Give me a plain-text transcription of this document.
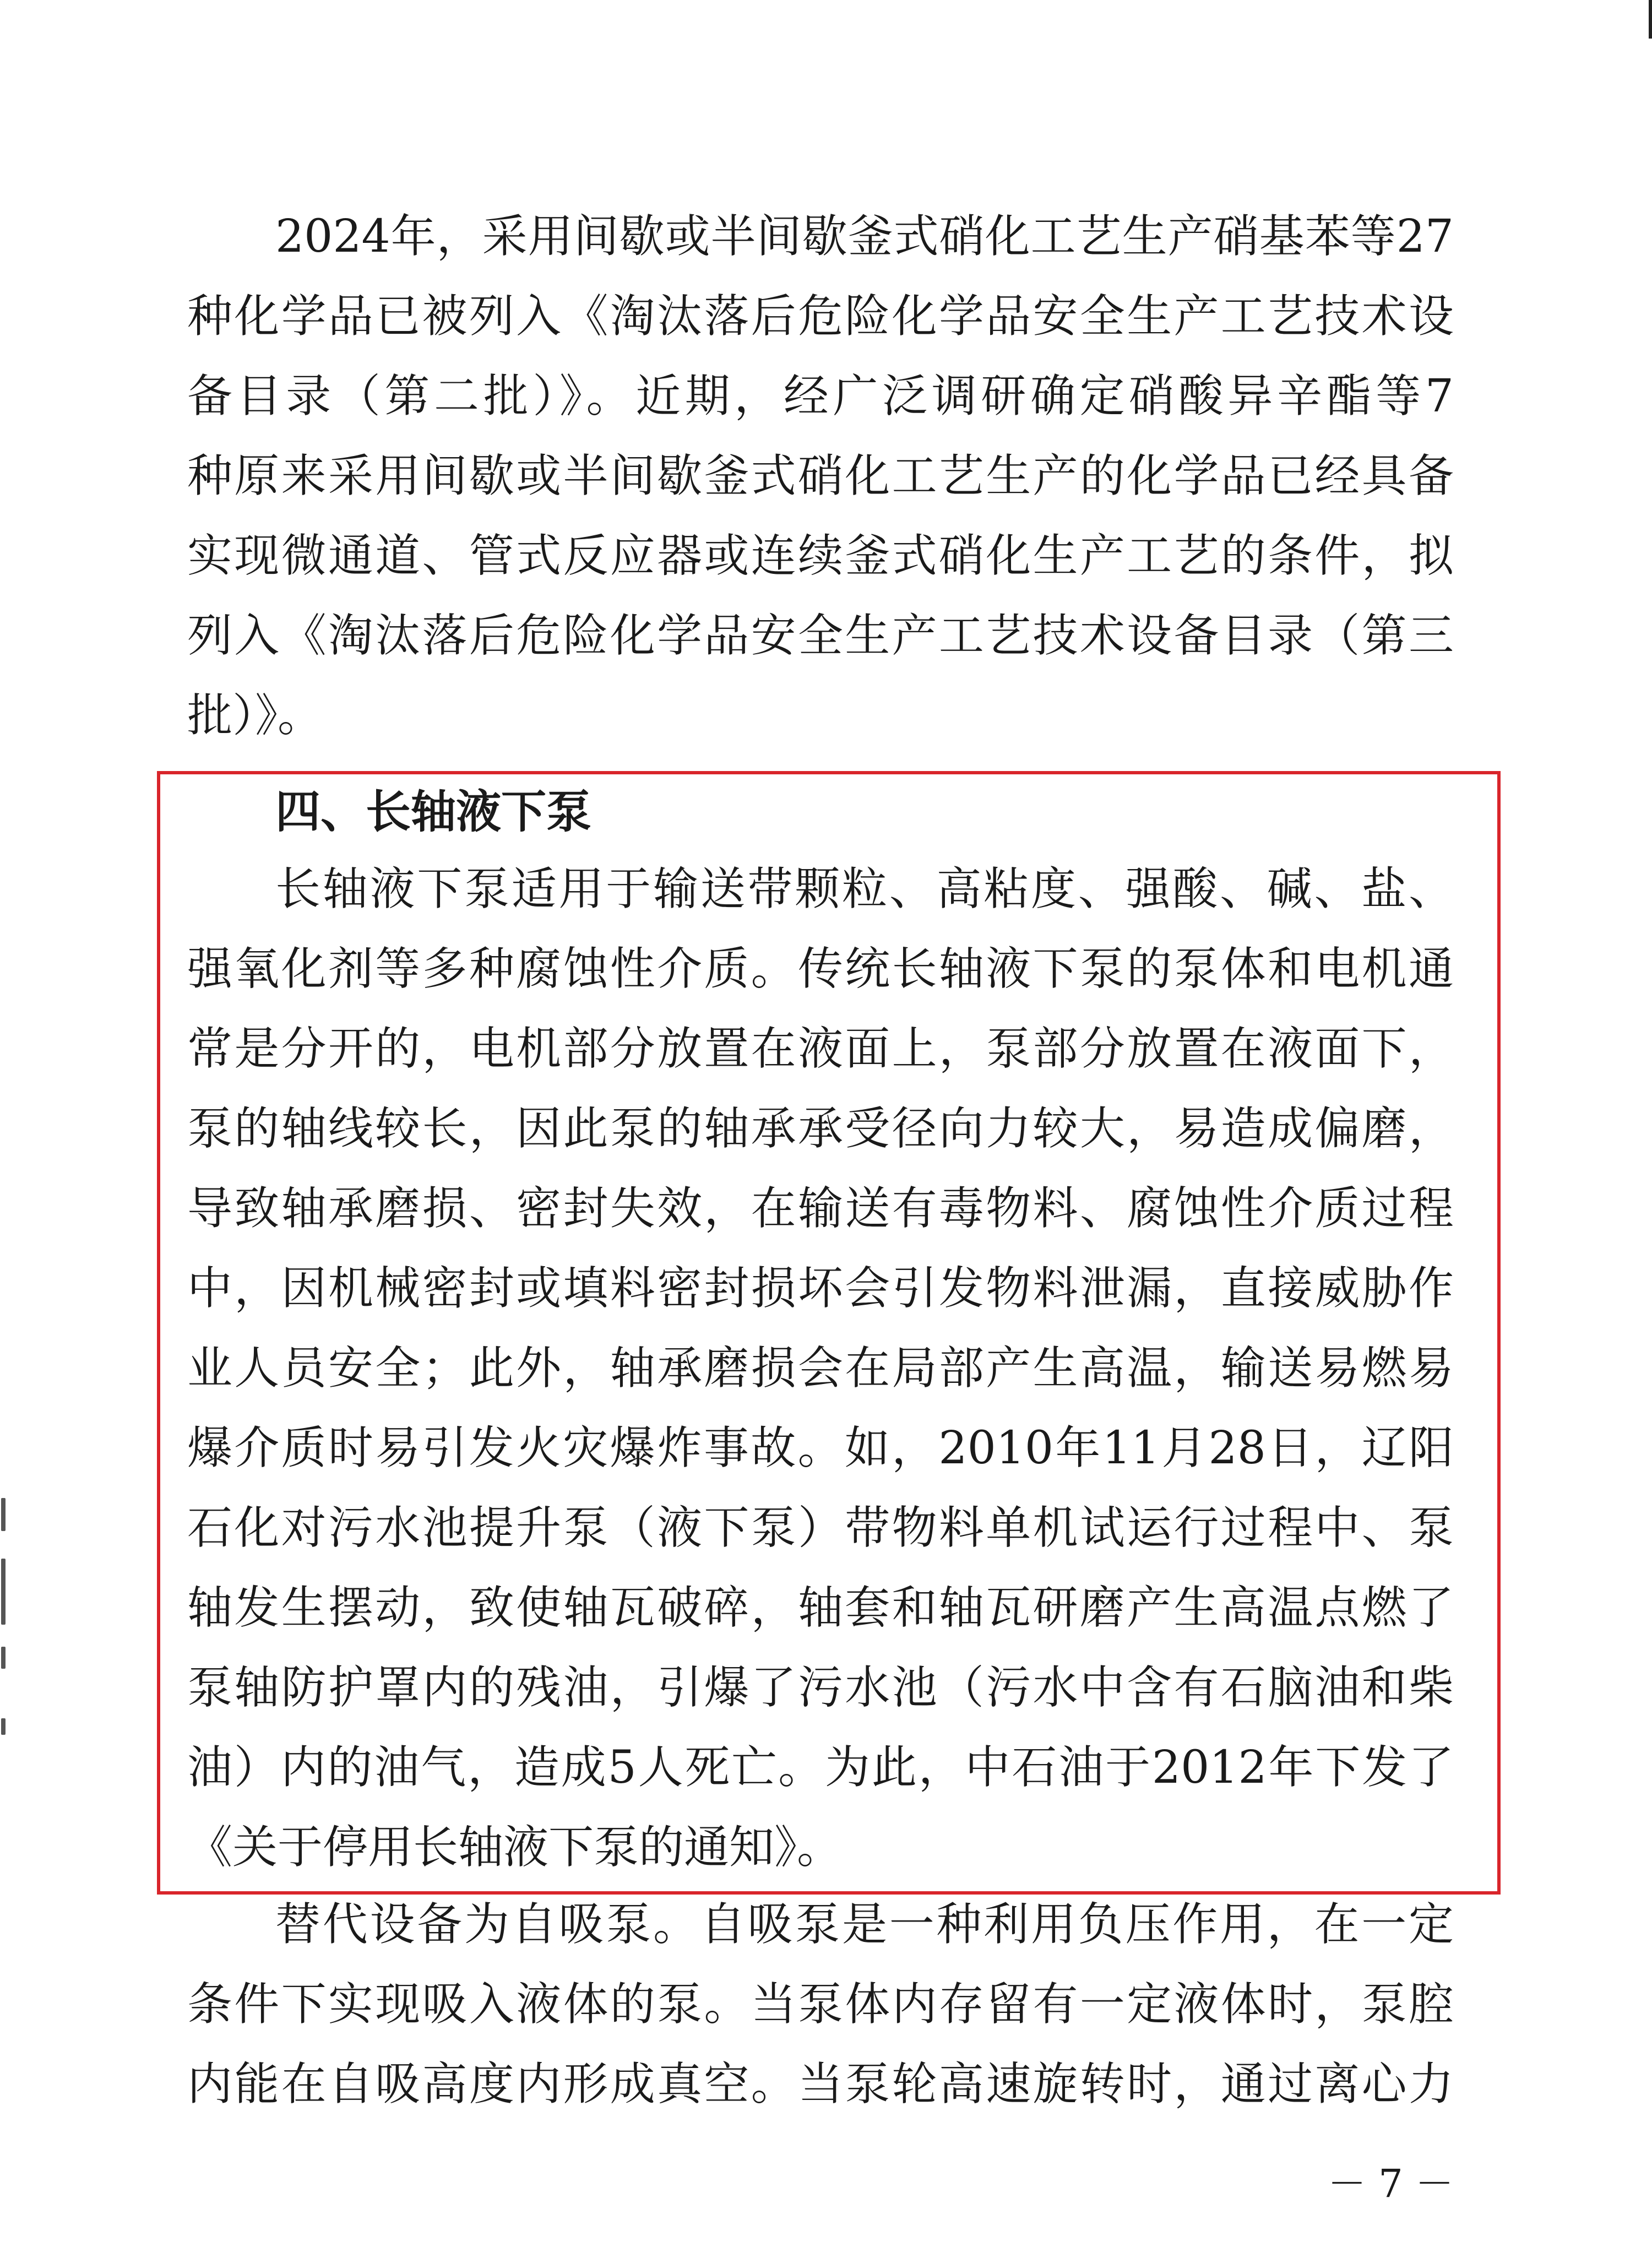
2024年，采用间歇或半间歇釜式硝化工艺生产硝基苯等27
种化学品已被列入《淘汰落后危险化学品安全生产工艺技术设
备目录（第二批）》。近期，经广泛调研确定硝酸异辛酯等7
种原来采用间歇或半间歇釜式硝化工艺生产的化学品已经具备
实现微通道、管式反应器或连续釜式硝化生产工艺的条件，拟
列入《淘汰落后危险化学品安全生产工艺技术设备目录（第三
批）》。
四、长轴液下泵
长轴液下泵适用于输送带颗粒、高粘度、强酸、碱、盐、
强氧化剂等多种腐蚀性介质。传统长轴液下泵的泵体和电机通
常是分开的，电机部分放置在液面上，泵部分放置在液面下，
泵的轴线较长，因此泵的轴承承受径向力较大，易造成偏磨，
导致轴承磨损、密封失效，在输送有毒物料、腐蚀性介质过程
中，因机械密封或填料密封损坏会引发物料泄漏，直接威胁作
业人员安全；此外，轴承磨损会在局部产生高温，输送易燃易
爆介质时易引发火灾爆炸事故。如，2010年11月28日，辽阳
石化对污水池提升泵（液下泵）带物料单机试运行过程中、泵
轴发生摆动，致使轴瓦破碎，轴套和轴瓦研磨产生高温点燃了
泵轴防护罩内的残油，引爆了污水池（污水中含有石脑油和柴
油）内的油气，造成5人死亡。为此，中石油于2012年下发了
《关于停用长轴液下泵的通知》。
替代设备为自吸泵。自吸泵是一种利用负压作用，在一定
条件下实现吸入液体的泵。当泵体内存留有一定液体时，泵腔
内能在自吸高度内形成真空。当泵轮高速旋转时，通过离心力
－ 7 －
